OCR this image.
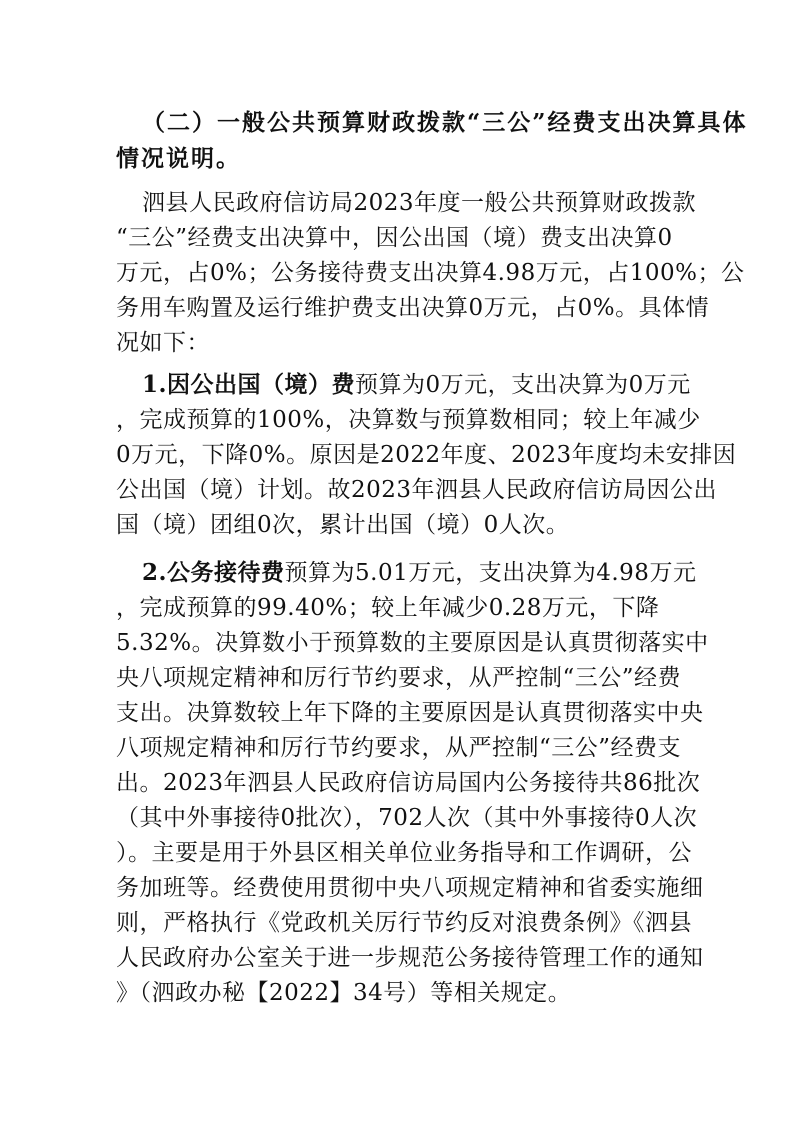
（二）一般公共预算财政拨款“三公”经费支出决算具体
情况说明。
泗县人民政府信访局2023年度一般公共预算财政拨款
“三公”经费支出决算中，因公出国（境）费支出决算0
万元，占0%；公务接待费支出决算4.98万元，占100%；公
务用车购置及运行维护费支出决算0万元，占0%。具体情
况如下：
1.因公出国（境）费预算为0万元，支出决算为0万元
，完成预算的100%，决算数与预算数相同；较上年减少
0万元，下降0%。原因是2022年度、2023年度均未安排因
公出国（境）计划。故2023年泗县人民政府信访局因公出
国（境）团组0次，累计出国（境）0人次。
2.公务接待费预算为5.01万元，支出决算为4.98万元
，完成预算的99.40%；较上年减少0.28万元，下降
5.32%。决算数小于预算数的主要原因是认真贯彻落实中
央八项规定精神和厉行节约要求，从严控制“三公”经费
支出。决算数较上年下降的主要原因是认真贯彻落实中央
八项规定精神和厉行节约要求，从严控制“三公”经费支
出。2023年泗县人民政府信访局国内公务接待共86批次
（其中外事接待0批次），702人次（其中外事接待0人次
）。主要是用于外县区相关单位业务指导和工作调研，公
务加班等。经费使用贯彻中央八项规定精神和省委实施细
则，严格执行《党政机关厉行节约反对浪费条例》《泗县
人民政府办公室关于进一步规范公务接待管理工作的通知
》（泗政办秘【2022】34号）等相关规定。
